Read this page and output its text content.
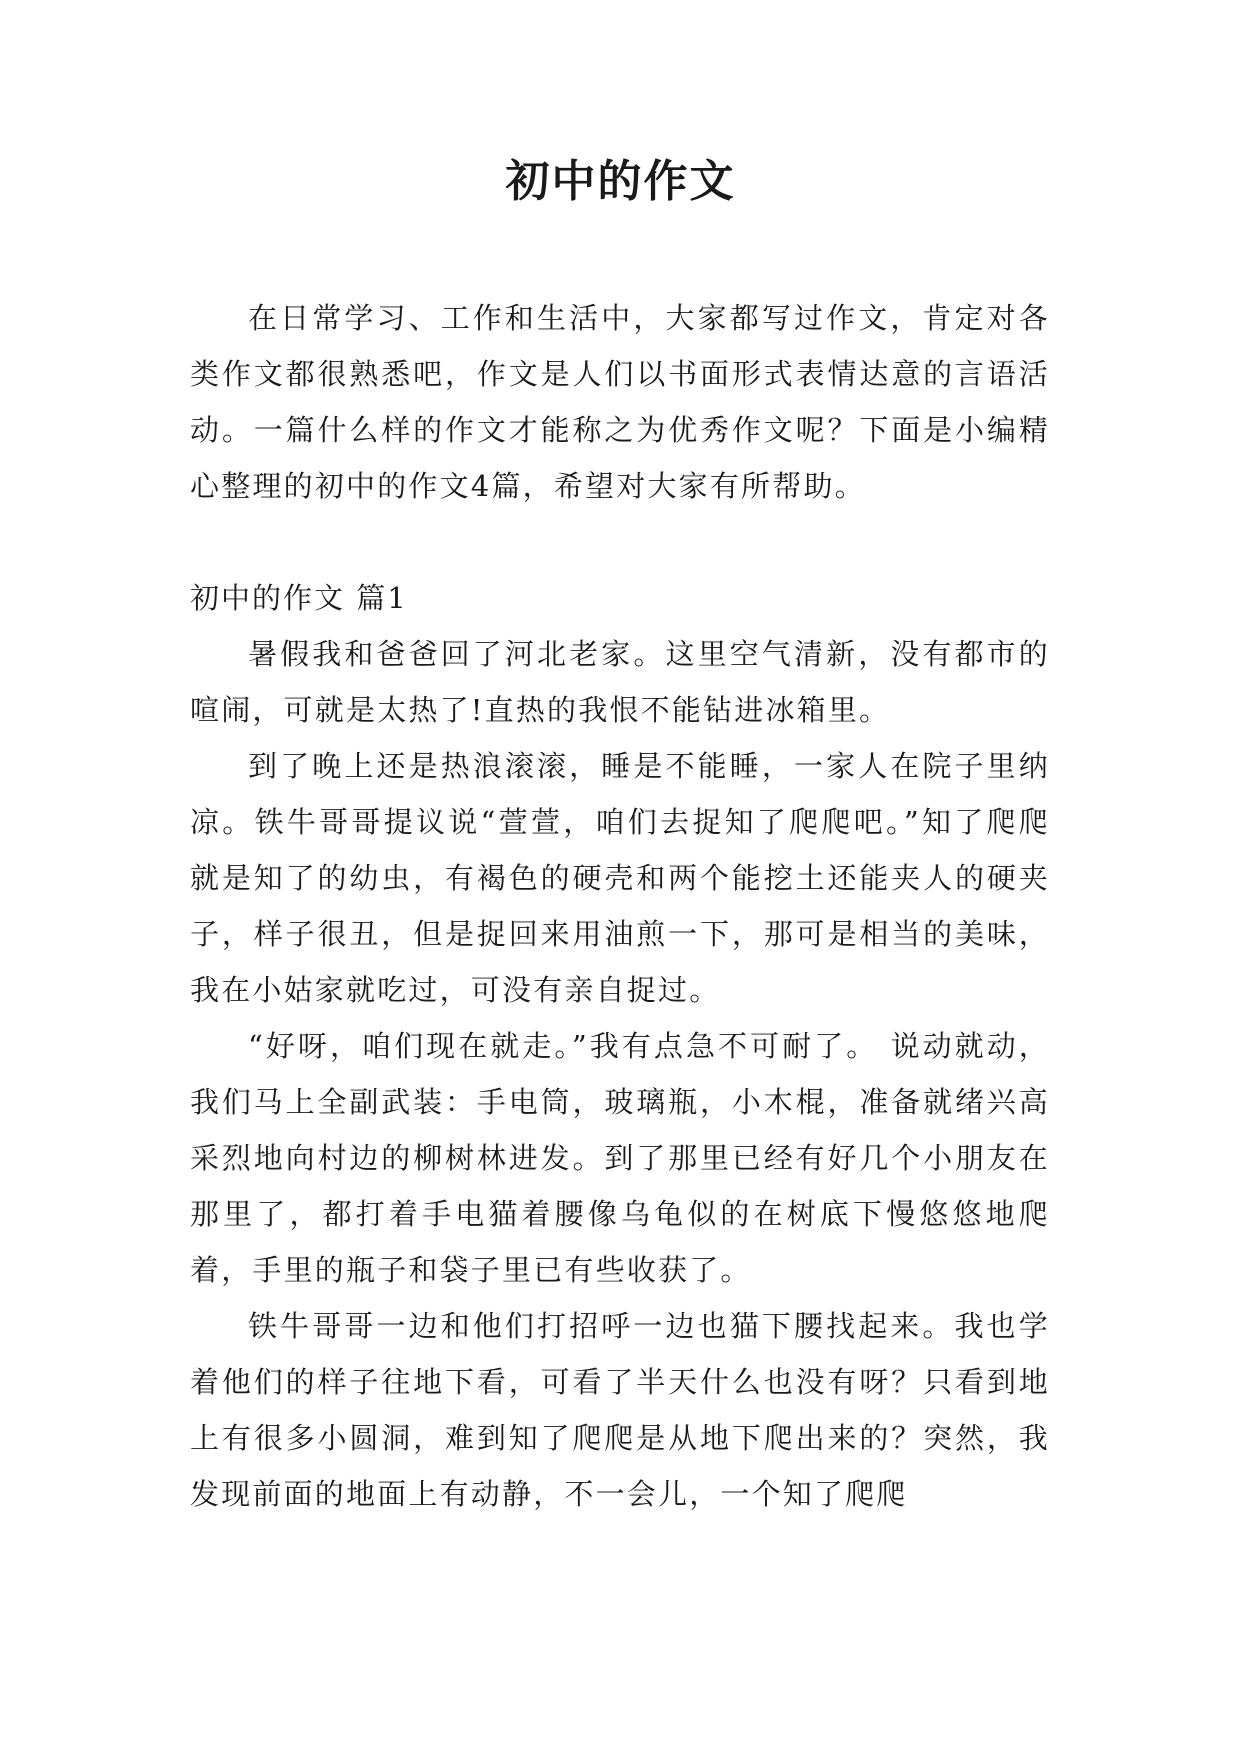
初中的作文

在日常学习、工作和生活中，大家都写过作文，肯定对各类作文都很熟悉吧，作文是人们以书面形式表情达意的言语活动。一篇什么样的作文才能称之为优秀作文呢？下面是小编精心整理的初中的作文4篇，希望对大家有所帮助。

初中的作文 篇1

暑假我和爸爸回了河北老家。这里空气清新，没有都市的喧闹，可就是太热了!直热的我恨不能钻进冰箱里。

到了晚上还是热浪滚滚，睡是不能睡，一家人在院子里纳凉。铁牛哥哥提议说“萱萱，咱们去捉知了爬爬吧。”知了爬爬就是知了的幼虫，有褐色的硬壳和两个能挖土还能夹人的硬夹子，样子很丑，但是捉回来用油煎一下，那可是相当的美味，我在小姑家就吃过，可没有亲自捉过。

“好呀，咱们现在就走。”我有点急不可耐了。 说动就动，我们马上全副武装：手电筒，玻璃瓶，小木棍，准备就绪兴高采烈地向村边的柳树林进发。到了那里已经有好几个小朋友在那里了，都打着手电猫着腰像乌龟似的在树底下慢悠悠地爬着，手里的瓶子和袋子里已有些收获了。

铁牛哥哥一边和他们打招呼一边也猫下腰找起来。我也学着他们的样子往地下看，可看了半天什么也没有呀？只看到地上有很多小圆洞，难到知了爬爬是从地下爬出来的？突然，我发现前面的地面上有动静，不一会儿，一个知了爬爬
